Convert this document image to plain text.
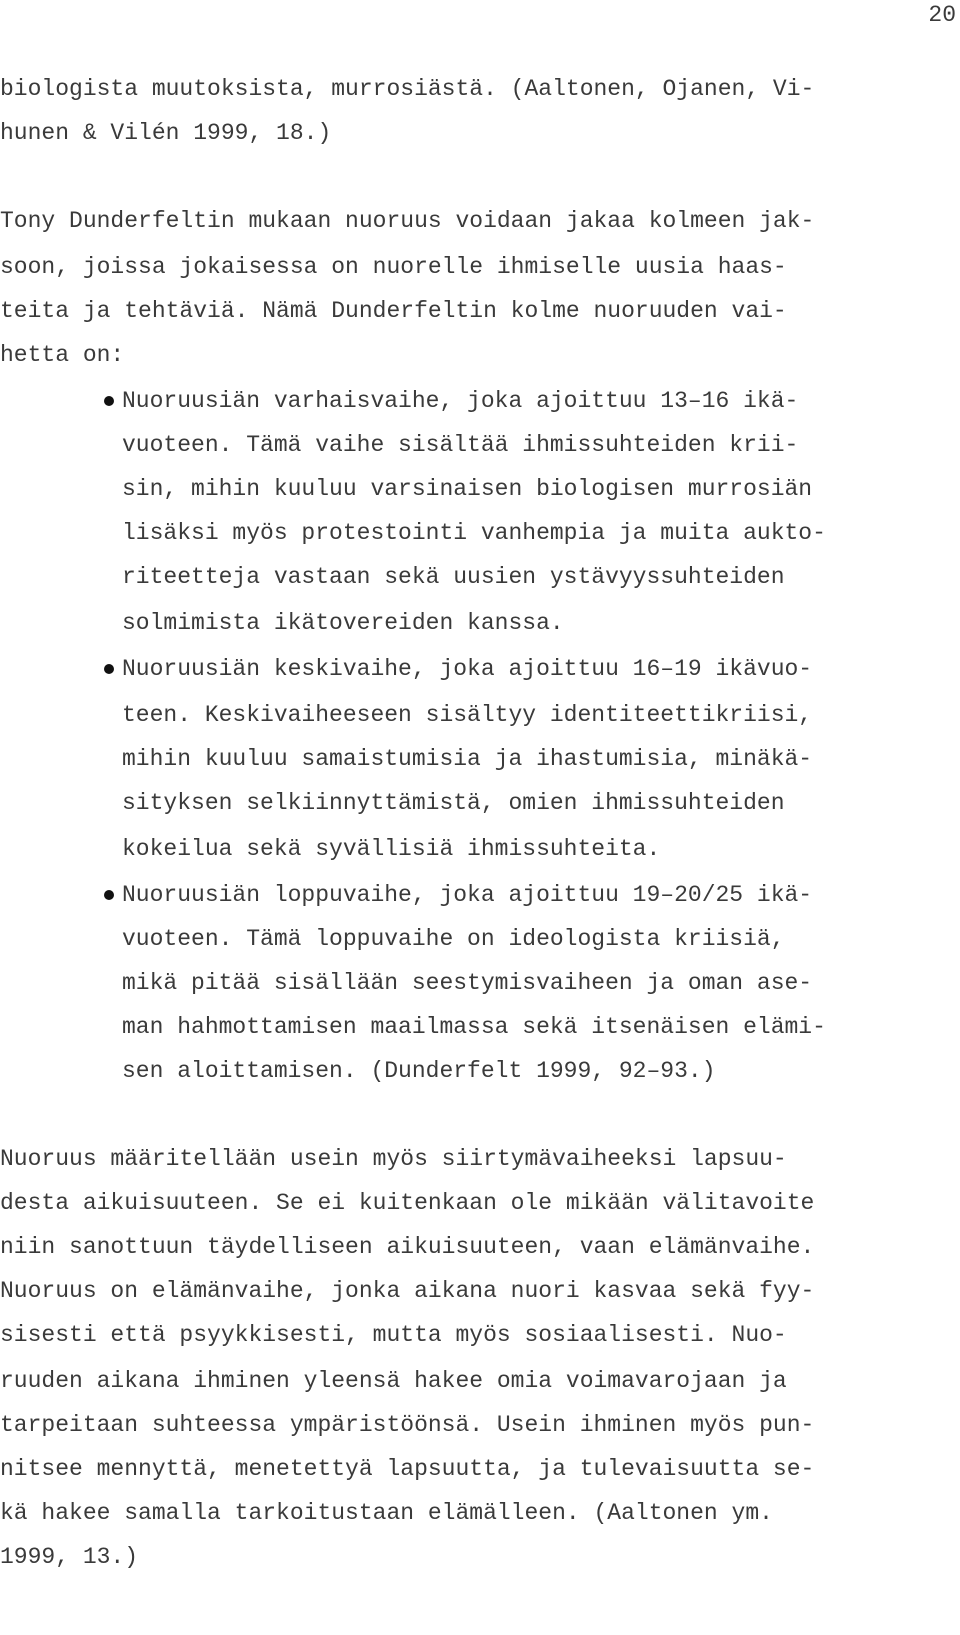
20
biologista muutoksista, murrosiästä. (Aaltonen, Ojanen, Vi-
hunen & Vilén 1999, 18.)
Tony Dunderfeltin mukaan nuoruus voidaan jakaa kolmeen jak-
soon, joissa jokaisessa on nuorelle ihmiselle uusia haas-
teita ja tehtäviä. Nämä Dunderfeltin kolme nuoruuden vai-
hetta on:
Nuoruusiän varhaisvaihe, joka ajoittuu 13–16 ikä-
vuoteen. Tämä vaihe sisältää ihmissuhteiden krii-
sin, mihin kuuluu varsinaisen biologisen murrosiän
lisäksi myös protestointi vanhempia ja muita aukto-
riteetteja vastaan sekä uusien ystävyyssuhteiden
solmimista ikätovereiden kanssa.
Nuoruusiän keskivaihe, joka ajoittuu 16–19 ikävuo-
teen. Keskivaiheeseen sisältyy identiteettikriisi,
mihin kuuluu samaistumisia ja ihastumisia, minäkä-
sityksen selkiinnyttämistä, omien ihmissuhteiden
kokeilua sekä syvällisiä ihmissuhteita.
Nuoruusiän loppuvaihe, joka ajoittuu 19–20/25 ikä-
vuoteen. Tämä loppuvaihe on ideologista kriisiä,
mikä pitää sisällään seestymisvaiheen ja oman ase-
man hahmottamisen maailmassa sekä itsenäisen elämi-
sen aloittamisen. (Dunderfelt 1999, 92–93.)
Nuoruus määritellään usein myös siirtymävaiheeksi lapsuu-
desta aikuisuuteen. Se ei kuitenkaan ole mikään välitavoite
niin sanottuun täydelliseen aikuisuuteen, vaan elämänvaihe.
Nuoruus on elämänvaihe, jonka aikana nuori kasvaa sekä fyy-
sisesti että psyykkisesti, mutta myös sosiaalisesti. Nuo-
ruuden aikana ihminen yleensä hakee omia voimavarojaan ja
tarpeitaan suhteessa ympäristöönsä. Usein ihminen myös pun-
nitsee mennyttä, menetettyä lapsuutta, ja tulevaisuutta se-
kä hakee samalla tarkoitustaan elämälleen. (Aaltonen ym.
1999, 13.)
